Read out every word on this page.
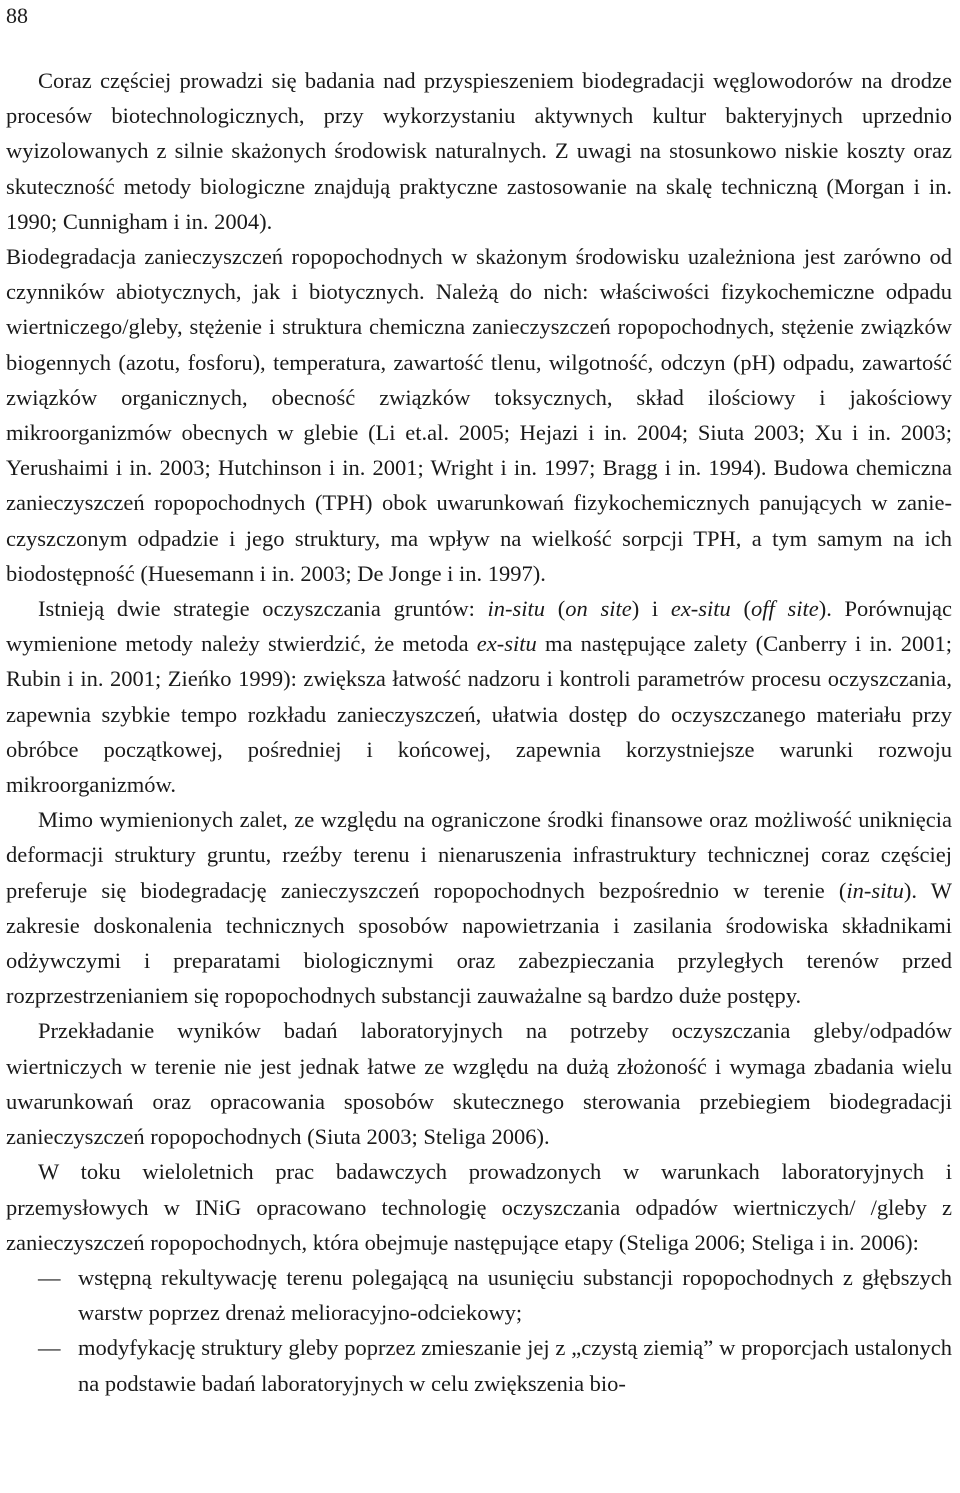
88

Coraz częściej prowadzi się badania nad przyspieszeniem biodegradacji węglowodorów na drodze procesów biotechnologicznych, przy wykorzystaniu aktywnych kultur bakteryjnych uprzednio wyizolowanych z silnie skażonych środowisk naturalnych. Z uwagi na stosunkowo niskie koszty oraz skuteczność metody biologiczne znajdują praktyczne zastosowanie na skalę techniczną (Morgan i in. 1990; Cunnigham i in. 2004).

Biodegradacja zanieczyszczeń ropopochodnych w skażonym środowisku uzależniona jest zarówno od czynników abiotycznych, jak i biotycznych. Należą do nich: właściwości fizykochemiczne odpadu wiertniczego/gleby, stężenie i struktura chemiczna zanieczyszczeń ropopochodnych, stężenie związków biogennych (azotu, fosforu), temperatura, zawartość tlenu, wilgotność, odczyn (pH) odpadu, zawartość związków organicznych, obecność związków toksycznych, skład ilościowy i jakościowy mikroorganizmów obecnych w glebie (Li et.al. 2005; Hejazi i in. 2004; Siuta 2003; Xu i in. 2003; Yerushaimi i in. 2003; Hutchinson i in. 2001; Wright i in. 1997; Bragg i in. 1994). Budowa chemiczna zanieczyszczeń ropopochodnych (TPH) obok uwarunkowań fizykochemicznych panujących w zanieczyszczonym odpadzie i jego struktury, ma wpływ na wielkość sorpcji TPH, a tym samym na ich biodostępność (Huesemann i in. 2003; De Jonge i in. 1997).

Istnieją dwie strategie oczyszczania gruntów: in-situ (on site) i ex-situ (off site). Porównując wymienione metody należy stwierdzić, że metoda ex-situ ma następujące zalety (Canberry i in. 2001; Rubin i in. 2001; Zieńko 1999): zwiększa łatwość nadzoru i kontroli parametrów procesu oczyszczania, zapewnia szybkie tempo rozkładu zanieczyszczeń, ułatwia dostęp do oczyszczanego materiału przy obróbce początkowej, pośredniej i końcowej, zapewnia korzystniejsze warunki rozwoju mikroorganizmów.

Mimo wymienionych zalet, ze względu na ograniczone środki finansowe oraz możliwość uniknięcia deformacji struktury gruntu, rzeźby terenu i nienaruszenia infrastruktury technicznej coraz częściej preferuje się biodegradację zanieczyszczeń ropopochodnych bezpośrednio w terenie (in-situ). W zakresie doskonalenia technicznych sposobów napowietrzania i zasilania środowiska składnikami odżywczymi i preparatami biologicznymi oraz zabezpieczania przyległych terenów przed rozprzestrzenianiem się ropopochodnych substancji zauważalne są bardzo duże postępy.

Przekładanie wyników badań laboratoryjnych na potrzeby oczyszczania gleby/odpadów wiertniczych w terenie nie jest jednak łatwe ze względu na dużą złożoność i wymaga zbadania wielu uwarunkowań oraz opracowania sposobów skutecznego sterowania przebiegiem biodegradacji zanieczyszczeń ropopochodnych (Siuta 2003; Steliga 2006).

W toku wieloletnich prac badawczych prowadzonych w warunkach laboratoryjnych i przemysłowych w INiG opracowano technologię oczyszczania odpadów wiertniczych/ /gleby z zanieczyszczeń ropopochodnych, która obejmuje następujące etapy (Steliga 2006; Steliga i in. 2006):

— wstępną rekultywację terenu polegającą na usunięciu substancji ropopochodnych z głębszych warstw poprzez drenaż melioracyjno-odciekowy;
— modyfykację struktury gleby poprzez zmieszanie jej z „czystą ziemią” w proporcjach ustalonych na podstawie badań laboratoryjnych w celu zwiększenia bio-
